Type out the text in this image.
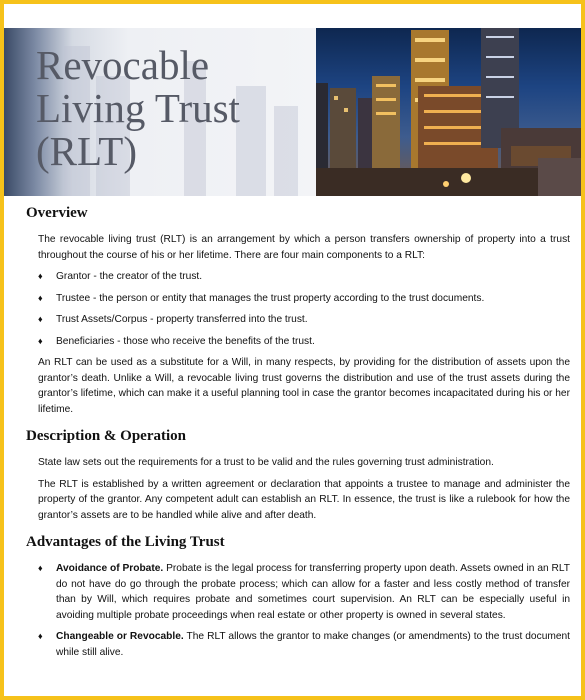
Revocable
Living Trust
(RLT)
Overview

The revocable living trust (RLT) is an arrangement by which a person transfers ownership of property into a trust throughout the course of his or her lifetime. There are four main components to a RLT:

♦ Grantor - the creator of the trust.
♦ Trustee - the person or entity that manages the trust property according to the trust documents.
♦ Trust Assets/Corpus - property transferred into the trust.
♦ Beneficiaries - those who receive the benefits of the trust.

An RLT can be used as a substitute for a Will, in many respects, by providing for the distribution of assets upon the grantor’s death. Unlike a Will, a revocable living trust governs the distribution and use of the trust assets during the grantor’s lifetime, which can make it a useful planning tool in case the grantor becomes incapacitated during his or her lifetime.

Description & Operation

State law sets out the requirements for a trust to be valid and the rules governing trust administration.

The RLT is established by a written agreement or declaration that appoints a trustee to manage and administer the property of the grantor. Any competent adult can establish an RLT. In essence, the trust is like a rulebook for how the grantor’s assets are to be handled while alive and after death.

Advantages of the Living Trust
♦ Avoidance of Probate. Probate is the legal process for transferring property upon death. Assets owned in an RLT do not have do go through the probate process; which can allow for a faster and less costly method of transfer than by Will, which requires probate and sometimes court supervision. An RLT can be especially useful in avoiding multiple probate proceedings when real estate or other property is owned in several states.
♦ Changeable or Revocable. The RLT allows the grantor to make changes (or amendments) to the trust document while still alive.
